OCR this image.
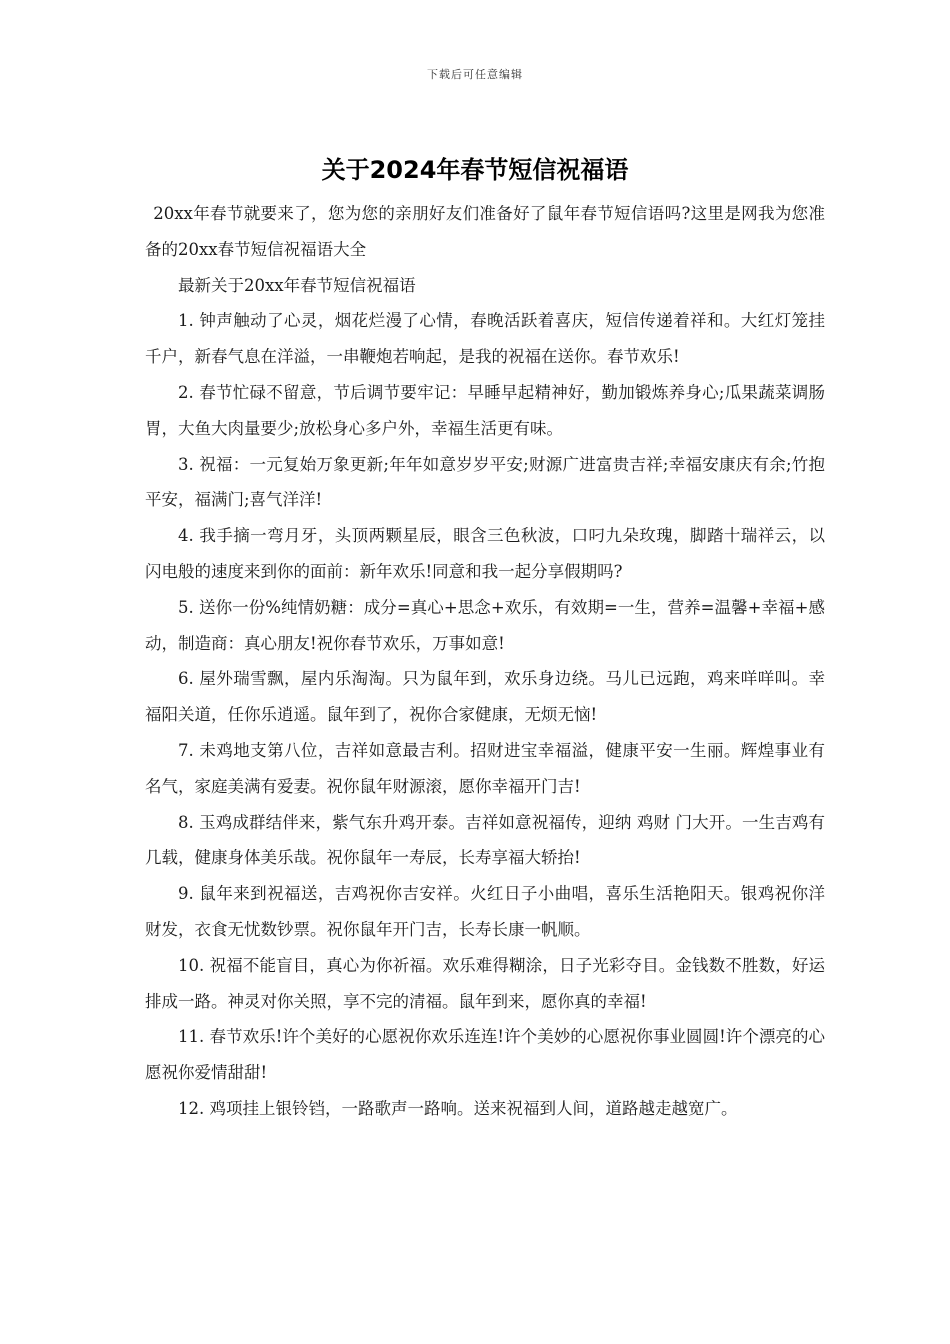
下载后可任意编辑
关于2024年春节短信祝福语

20xx年春节就要来了，您为您的亲朋好友们准备好了鼠年春节短信语吗?这里是网我为您准备的20xx春节短信祝福语大全

最新关于20xx年春节短信祝福语

1. 钟声触动了心灵，烟花烂漫了心情，春晚活跃着喜庆，短信传递着祥和。大红灯笼挂千户，新春气息在洋溢，一串鞭炮若响起，是我的祝福在送你。春节欢乐!

2. 春节忙碌不留意，节后调节要牢记：早睡早起精神好，勤加锻炼养身心;瓜果蔬菜调肠胃，大鱼大肉量要少;放松身心多户外，幸福生活更有味。

3. 祝福：一元复始万象更新;年年如意岁岁平安;财源广进富贵吉祥;幸福安康庆有余;竹抱平安，福满门;喜气洋洋!

4. 我手摘一弯月牙，头顶两颗星辰，眼含三色秋波，口叼九朵玫瑰，脚踏十瑞祥云，以闪电般的速度来到你的面前：新年欢乐!同意和我一起分享假期吗?

5. 送你一份%纯情奶糖：成分=真心+思念+欢乐，有效期=一生，营养=温馨+幸福+感动，制造商：真心朋友!祝你春节欢乐，万事如意!

6. 屋外瑞雪飘，屋内乐淘淘。只为鼠年到，欢乐身边绕。马儿已远跑，鸡来咩咩叫。幸福阳关道，任你乐逍遥。鼠年到了，祝你合家健康，无烦无恼!

7. 未鸡地支第八位，吉祥如意最吉利。招财进宝幸福溢，健康平安一生丽。辉煌事业有名气，家庭美满有爱妻。祝你鼠年财源滚，愿你幸福开门吉!

8. 玉鸡成群结伴来，紫气东升鸡开泰。吉祥如意祝福传，迎纳 鸡财 门大开。一生吉鸡有几载，健康身体美乐哉。祝你鼠年一寿辰，长寿享福大轿抬!

9. 鼠年来到祝福送，吉鸡祝你吉安祥。火红日子小曲唱，喜乐生活艳阳天。银鸡祝你洋财发，衣食无忧数钞票。祝你鼠年开门吉，长寿长康一帆顺。

10. 祝福不能盲目，真心为你祈福。欢乐难得糊涂，日子光彩夺目。金钱数不胜数，好运排成一路。神灵对你关照，享不完的清福。鼠年到来，愿你真的幸福!

11. 春节欢乐!许个美好的心愿祝你欢乐连连!许个美妙的心愿祝你事业圆圆!许个漂亮的心愿祝你爱情甜甜!

12. 鸡项挂上银铃铛，一路歌声一路响。送来祝福到人间，道路越走越宽广。
